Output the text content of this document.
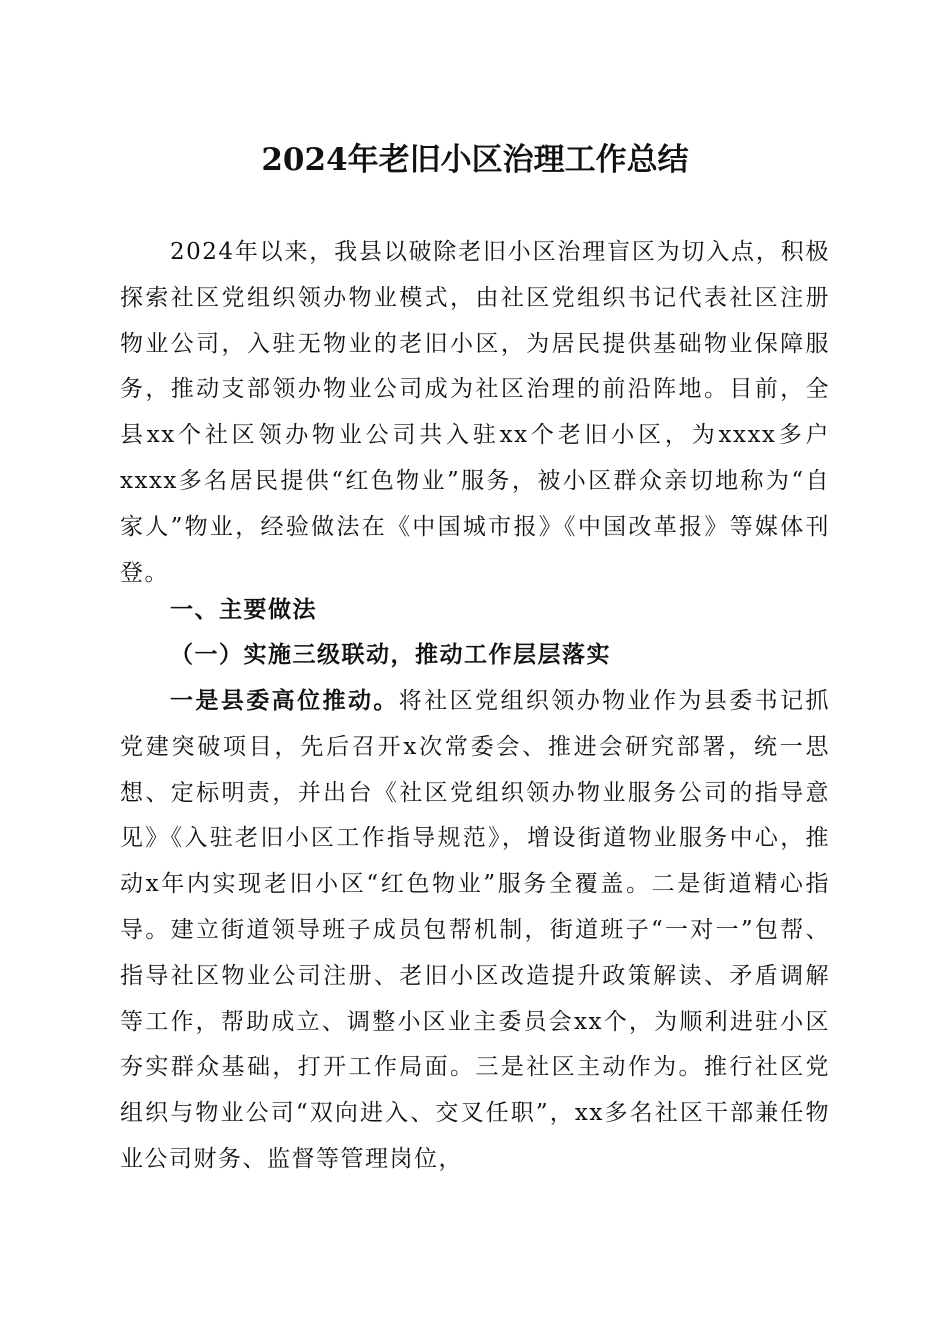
2024年老旧小区治理工作总结
2024年以来，我县以破除老旧小区治理盲区为切入点，积极探索社区党组织领办物业模式，由社区党组织书记代表社区注册物业公司，入驻无物业的老旧小区，为居民提供基础物业保障服务，推动支部领办物业公司成为社区治理的前沿阵地。目前，全县xx个社区领办物业公司共入驻xx个老旧小区，为xxxx多户xxxx多名居民提供“红色物业”服务，被小区群众亲切地称为“自家人”物业，经验做法在《中国城市报》《中国改革报》等媒体刊登。
一、主要做法
（一）实施三级联动，推动工作层层落实
一是县委高位推动。将社区党组织领办物业作为县委书记抓党建突破项目，先后召开x次常委会、推进会研究部署，统一思想、定标明责，并出台《社区党组织领办物业服务公司的指导意见》《入驻老旧小区工作指导规范》，增设街道物业服务中心，推动x年内实现老旧小区“红色物业”服务全覆盖。二是街道精心指导。建立街道领导班子成员包帮机制，街道班子“一对一”包帮、指导社区物业公司注册、老旧小区改造提升政策解读、矛盾调解等工作，帮助成立、调整小区业主委员会xx个，为顺利进驻小区夯实群众基础，打开工作局面。三是社区主动作为。推行社区党组织与物业公司“双向进入、交叉任职”，xx多名社区干部兼任物业公司财务、监督等管理岗位，
